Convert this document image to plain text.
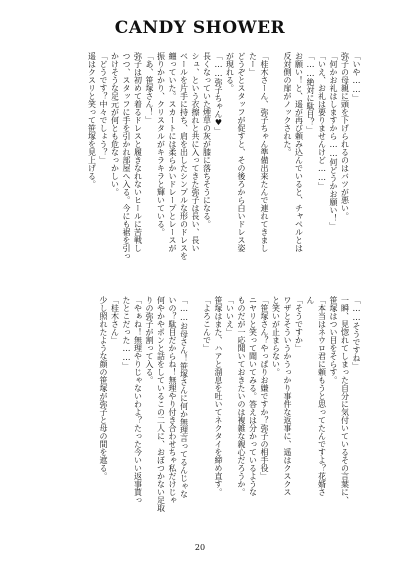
CANDY SHOWER
「いや……」
弥子の母親に頭を下げられるのはバツが悪い。
「何かお礼はしますから……何どうかお願い！」
「いえ、お礼は要りませんけど……」
「……絶対に駄目？」
お願い！と、遥が再び頼み込んでいると、チャペルとは
反対側の扉がノックされた。

「桂木さーん、弥子ちゃん準備出来たんで連れてきまし
たー」
どうぞとスタッフが促すと、その後ろから白いドレス姿
が現れる。
「……弥子ちゃん♥」
長くなっていた煙草の灰が膝に落ちそうになる。
シュ、という衣擦れと共に入ってきた弥子は長い、長い
ベールを片手に持ち、肩を出したシンプルな形のドレスを
纏っていた。スカートには柔らかいドレープとレースが
振りかかり、クリスタルがキラキラと輝いている。
「あ、笹塚さん！」
弥子は初めて着るドレスと履きなれないヒールに苦戦し
つつ、スタッフに手を引かれ部屋へ入る。今にも裾を引っ
かけそうな足元が何とも危なっかしい。
「どうです？中々でしょう？」
遥はクスリと笑って笹塚を見上げる。
「……そうですね」
一瞬、見惚れてしまった自分に気付いているその言葉に、
笹塚はつい目をそらす。
「本当はネウロ君に頼もうと思ってたんですよ？花婿さ
ん
「そうですか」
ワザとそういうかうっかり事件な返事に、遥はクスクス
と笑いが止まらない。
「笹塚さん？やっぱりお嫌ですか？弥子の相手役」
ニヤリと笑って聞いてみる。答えは分かっているような
ものだが一応聞いておきたいのは複雑な親心だろうか。
「いいえ」
笹塚はまた、ハアと溜息を吐いてネクタイを締め直す。
「よろこんで」

「……お母さん！笹塚さんに何か無理言ってるんじゃな
いの？駄目だからね！無理やり付き合わせちゃ私だけじゃ
何やかやポンと話をしているこの二人に、おぼつかない足取
りの弥子が割って入る。
「やぁね！無理やりじゃないわよ？たった今いい返事貰っ
たとこだった……」
「桂木さん」
少し照れたような顔の笹塚が弥子と母の間を遮る。
20
